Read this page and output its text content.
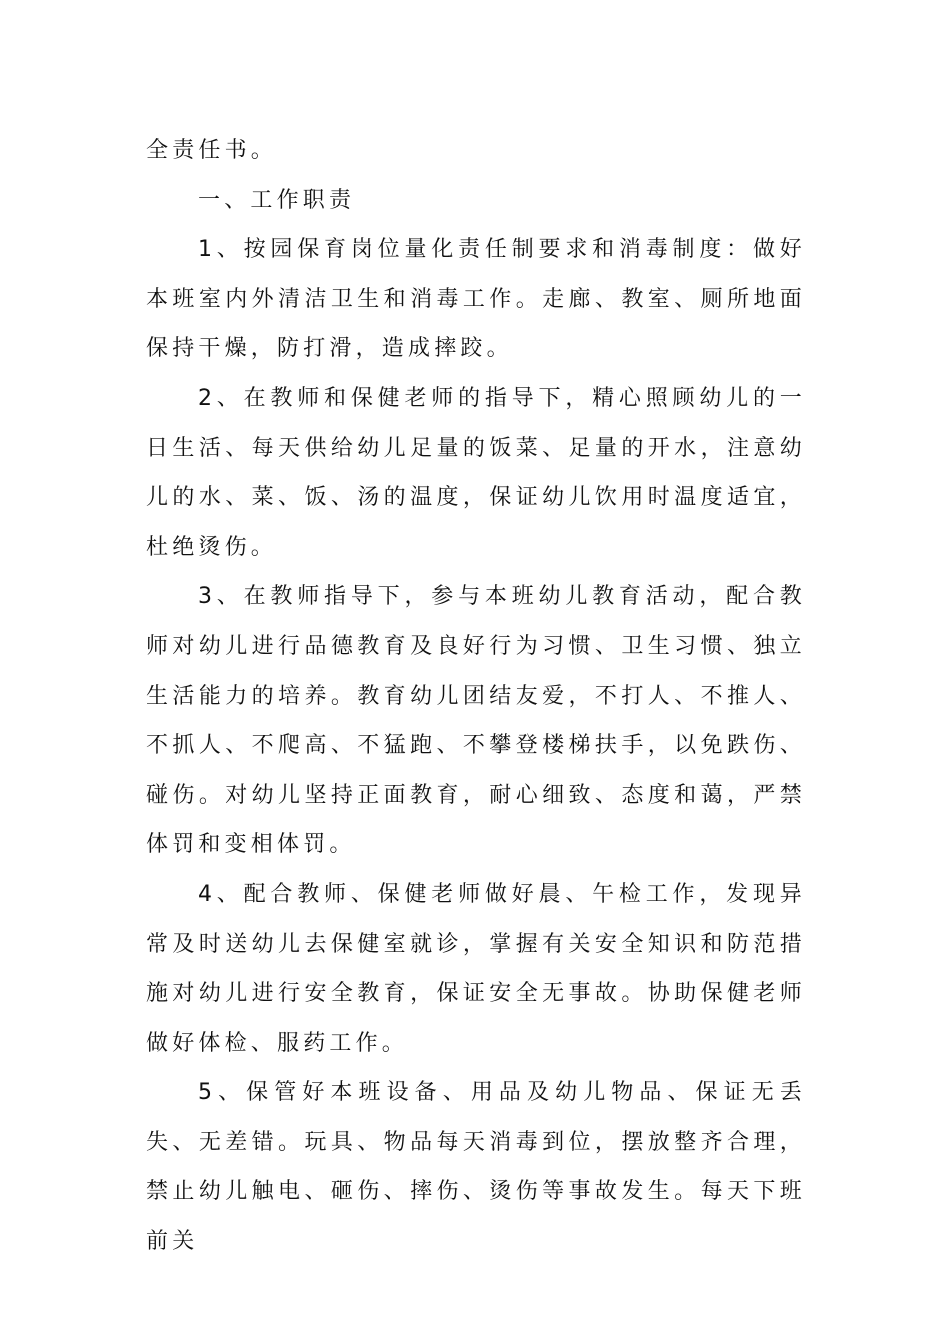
全责任书。

一、工作职责

1、按园保育岗位量化责任制要求和消毒制度：做好本班室内外清洁卫生和消毒工作。走廊、教室、厕所地面保持干燥，防打滑，造成摔跤。

2、在教师和保健老师的指导下，精心照顾幼儿的一日生活、每天供给幼儿足量的饭菜、足量的开水，注意幼儿的水、菜、饭、汤的温度，保证幼儿饮用时温度适宜，杜绝烫伤。

3、在教师指导下，参与本班幼儿教育活动，配合教师对幼儿进行品德教育及良好行为习惯、卫生习惯、独立生活能力的培养。教育幼儿团结友爱，不打人、不推人、不抓人、不爬高、不猛跑、不攀登楼梯扶手，以免跌伤、碰伤。对幼儿坚持正面教育，耐心细致、态度和蔼，严禁体罚和变相体罚。

4、配合教师、保健老师做好晨、午检工作，发现异常及时送幼儿去保健室就诊，掌握有关安全知识和防范措施对幼儿进行安全教育，保证安全无事故。协助保健老师做好体检、服药工作。

5、保管好本班设备、用品及幼儿物品、保证无丢失、无差错。玩具、物品每天消毒到位，摆放整齐合理，禁止幼儿触电、砸伤、摔伤、烫伤等事故发生。每天下班前关
